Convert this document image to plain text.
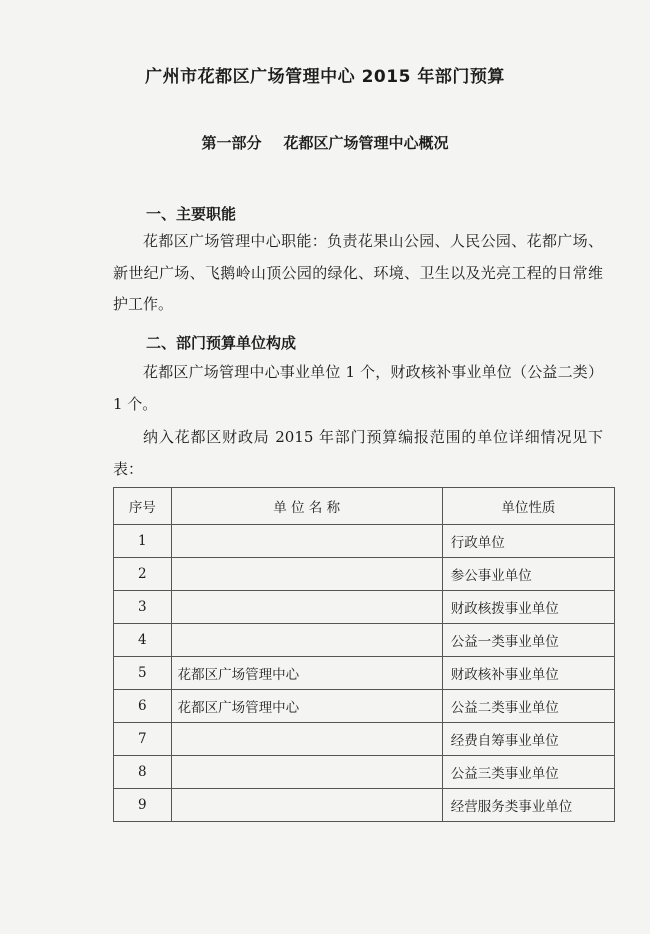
广州市花都区广场管理中心 2015 年部门预算
第一部分 花都区广场管理中心概况
一、主要职能
花都区广场管理中心职能：负责花果山公园、人民公园、花都广场、新世纪广场、飞鹅岭山顶公园的绿化、环境、卫生以及光亮工程的日常维护工作。
二、部门预算单位构成
花都区广场管理中心事业单位 1 个，财政核补事业单位（公益二类）1 个。
纳入花都区财政局 2015 年部门预算编报范围的单位详细情况见下表：
序号	单 位 名 称	单位性质
1		行政单位
2		参公事业单位
3		财政核拨事业单位
4		公益一类事业单位
5	花都区广场管理中心	财政核补事业单位
6	花都区广场管理中心	公益二类事业单位
7		经费自筹事业单位
8		公益三类事业单位
9		经营服务类事业单位
